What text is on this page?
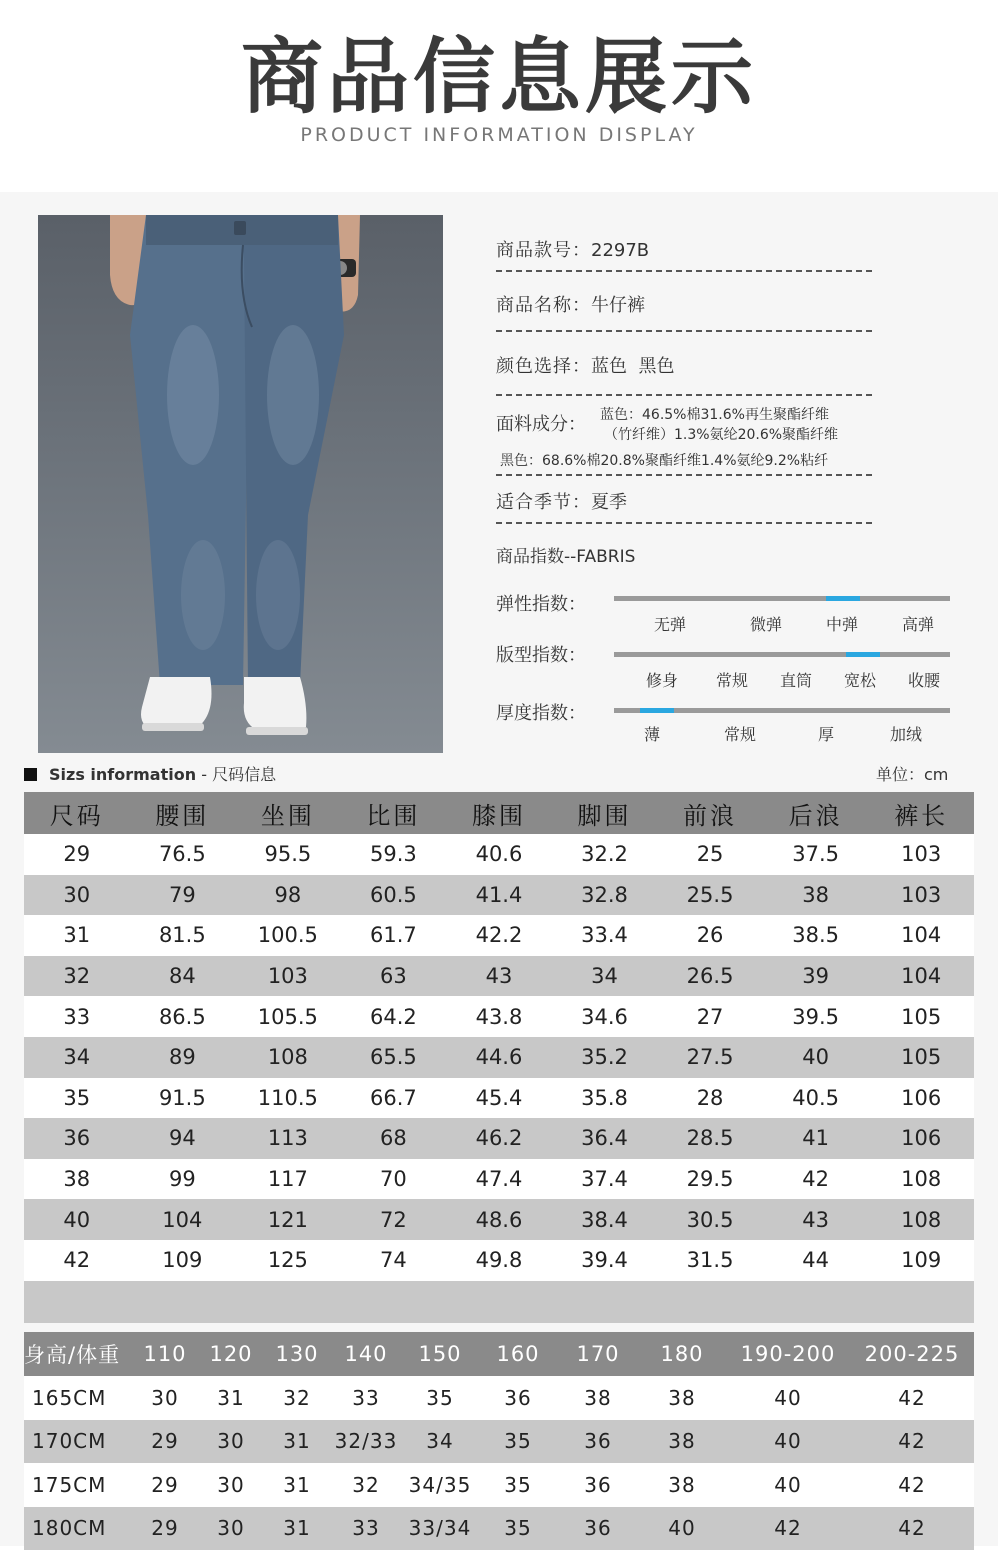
商品信息展示
PRODUCT INFORMATION DISPLAY
商品款号：2297B
商品名称：牛仔裤
颜色选择：蓝色  黑色
面料成分： 蓝色：46.5%棉31.6%再生聚酯纤维
（竹纤维）1.3%氨纶20.6%聚酯纤维
黑色：68.6%棉20.8%聚酯纤维1.4%氨纶9.2%粘纤
适合季节：夏季
商品指数--FABRIS
弹性指数：
无弹	微弹	中弹	高弹
版型指数：
修身	常规	直筒	宽松	收腰
厚度指数：
薄	常规	厚	加绒
Sizs information - 尺码信息	单位：cm
尺码	腰围	坐围	比围	膝围	脚围	前浪	后浪	裤长
29	76.5	95.5	59.3	40.6	32.2	25	37.5	103
30	79	98	60.5	41.4	32.8	25.5	38	103
31	81.5	100.5	61.7	42.2	33.4	26	38.5	104
32	84	103	63	43	34	26.5	39	104
33	86.5	105.5	64.2	43.8	34.6	27	39.5	105
34	89	108	65.5	44.6	35.2	27.5	40	105
35	91.5	110.5	66.7	45.4	35.8	28	40.5	106
36	94	113	68	46.2	36.4	28.5	41	106
38	99	117	70	47.4	37.4	29.5	42	108
40	104	121	72	48.6	38.4	30.5	43	108
42	109	125	74	49.8	39.4	31.5	44	109

身高/体重	110	120	130	140	150	160	170	180	190-200	200-225
165CM	30	31	32	33	35	36	38	38	40	42
170CM	29	30	31	32/33	34	35	36	38	40	42
175CM	29	30	31	32	34/35	35	36	38	40	42
180CM	29	30	31	33	33/34	35	36	40	42	42
